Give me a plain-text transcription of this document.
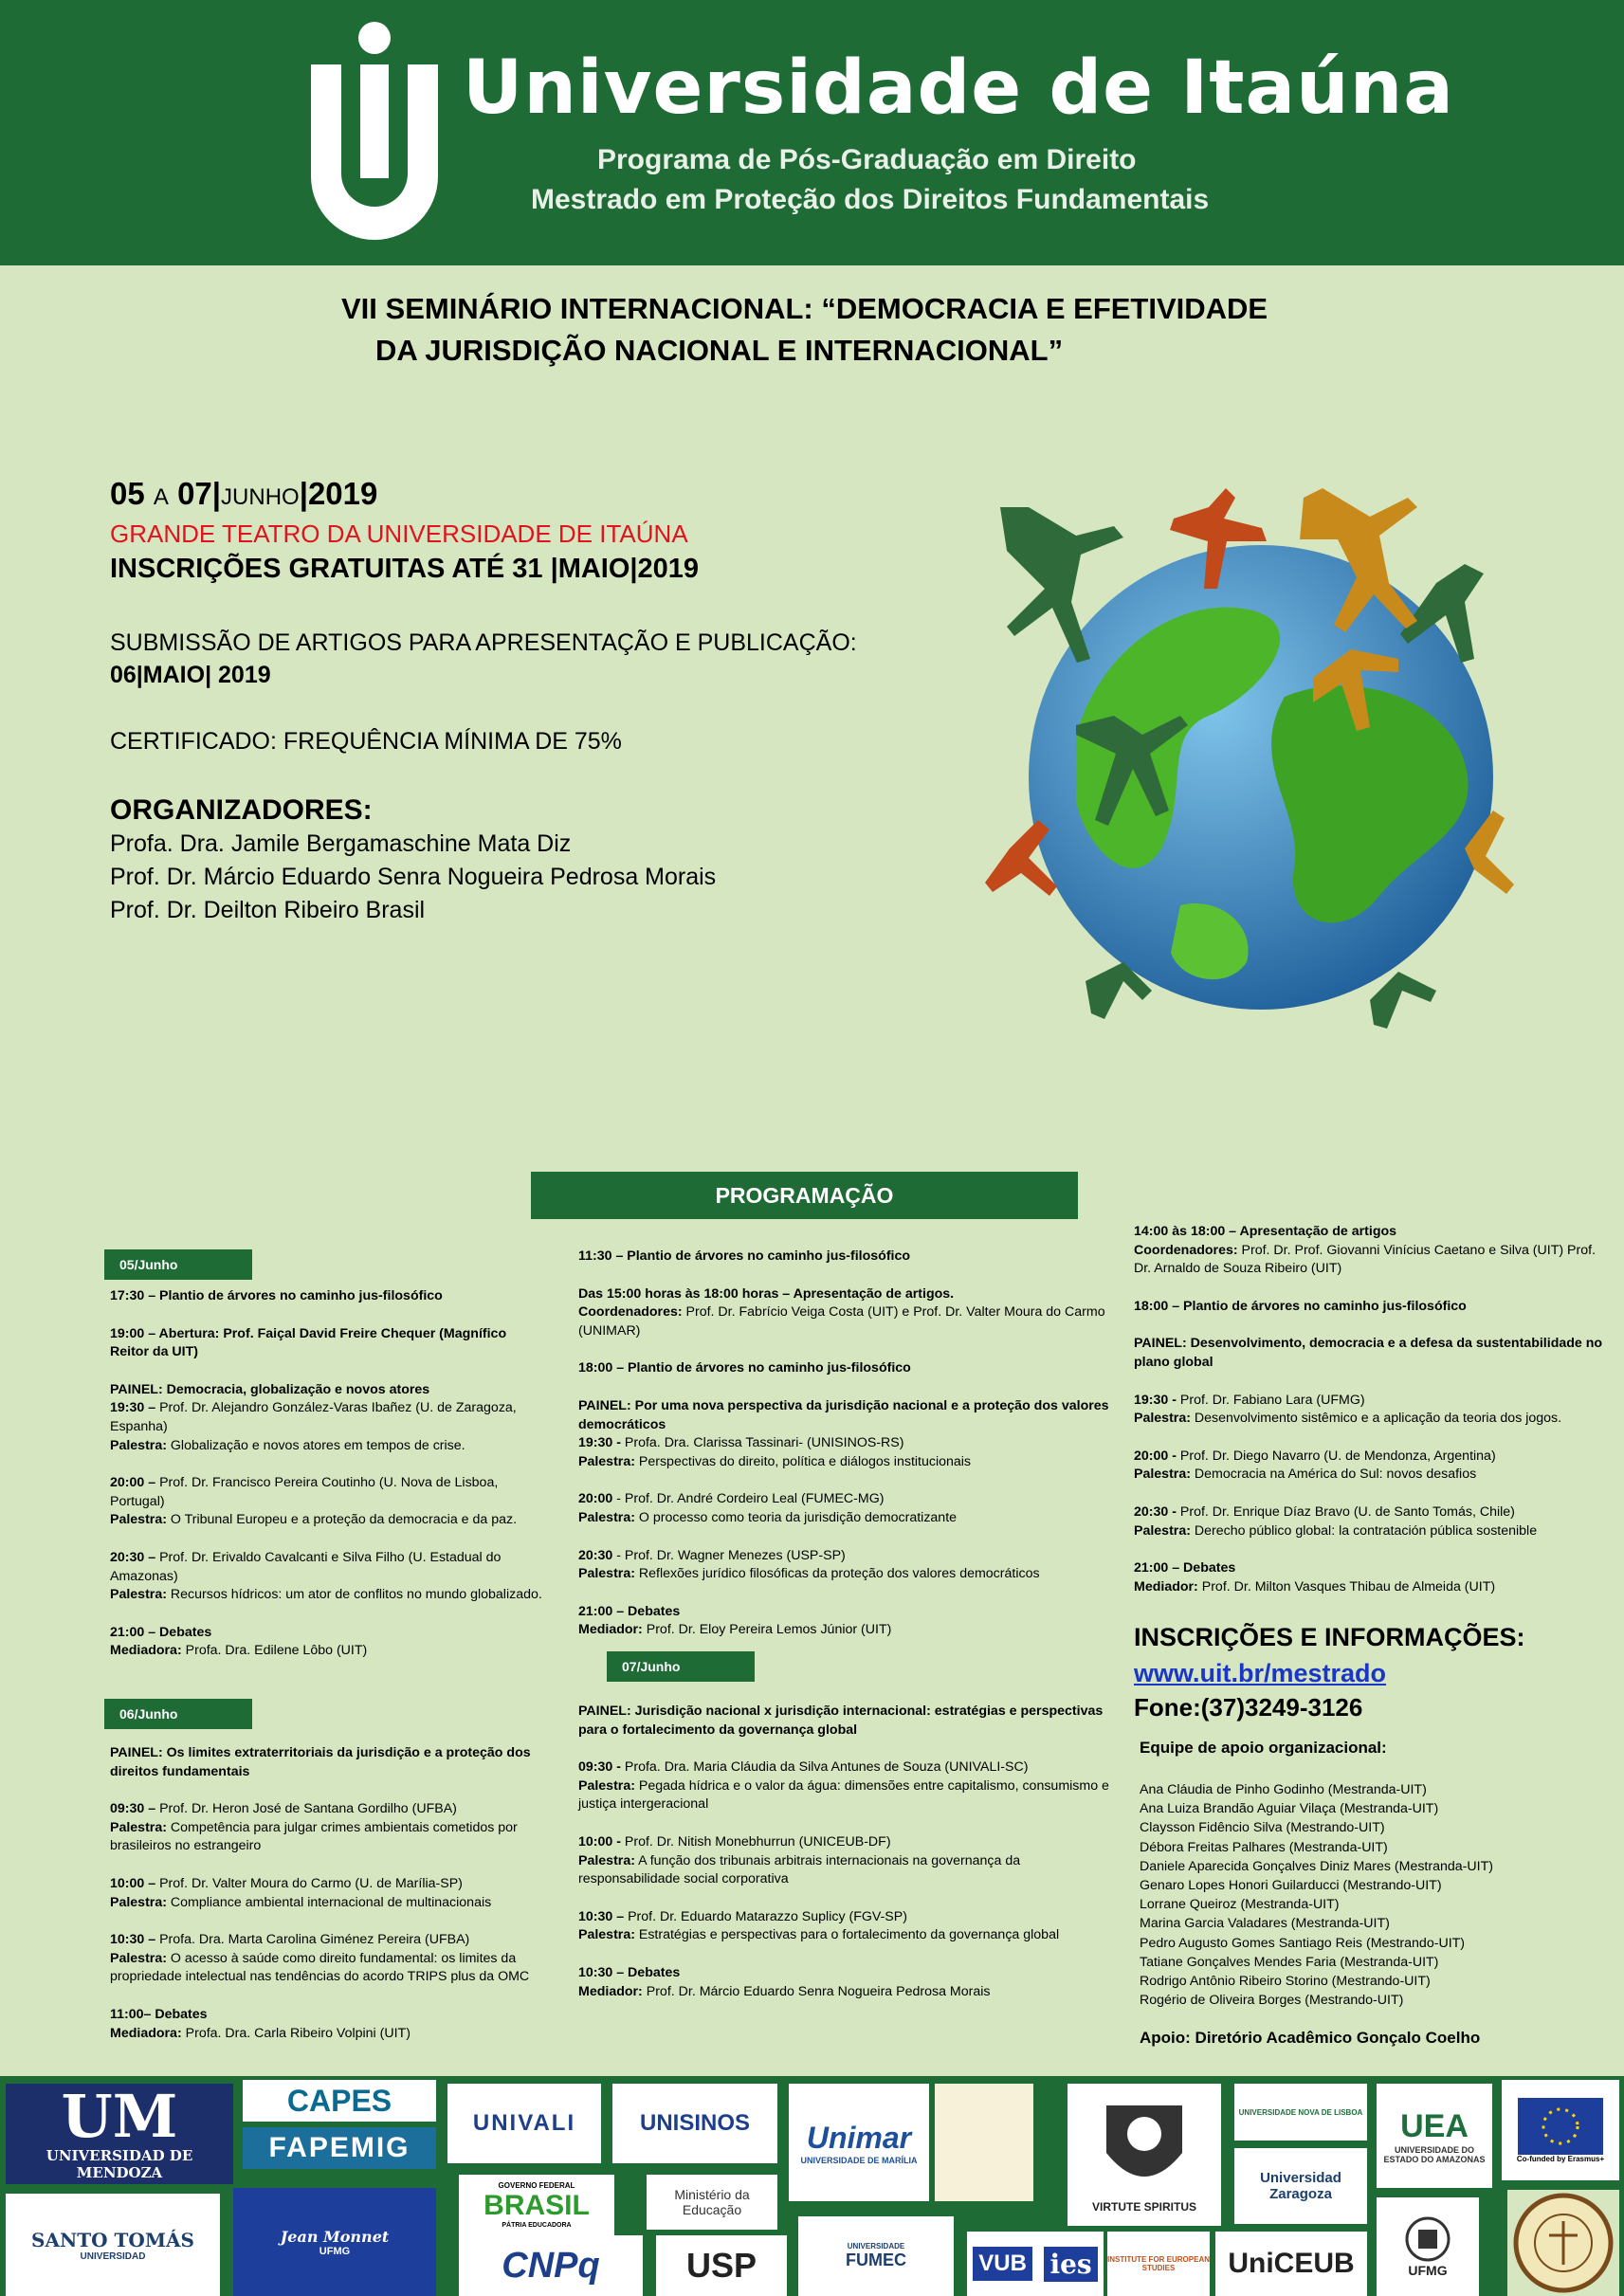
Universidade de Itaúna
Programa de Pós-Graduação em Direito
Mestrado em Proteção dos Direitos Fundamentais
VII SEMINÁRIO INTERNACIONAL: “DEMOCRACIA E EFETIVIDADE
DA JURISDIÇÃO NACIONAL E INTERNACIONAL”
05 A 07|JUNHO|2019
GRANDE TEATRO DA UNIVERSIDADE DE ITAÚNA
INSCRIÇÕES GRATUITAS ATÉ 31 |MAIO|2019
SUBMISSÃO DE ARTIGOS PARA APRESENTAÇÃO E PUBLICAÇÃO:
06|MAIO| 2019
CERTIFICADO: FREQUÊNCIA MÍNIMA DE 75%
ORGANIZADORES:
Profa. Dra. Jamile Bergamaschine Mata Diz
Prof. Dr. Márcio Eduardo Senra Nogueira Pedrosa Morais
Prof. Dr. Deilton Ribeiro Brasil
PROGRAMAÇÃO
05/Junho
06/Junho
07/Junho

17:30 – Plantio de árvores no caminho jus-filosófico

19:00 – Abertura: Prof. Faiçal David Freire Chequer (Magnífico Reitor da UIT)

PAINEL: Democracia, globalização e novos atores

19:30 – Prof. Dr. Alejandro González-Varas Ibañez (U. de Zaragoza, Espanha)
Palestra: Globalização e novos atores em tempos de crise.

20:00 – Prof. Dr. Francisco Pereira Coutinho (U. Nova de Lisboa, Portugal)
Palestra: O Tribunal Europeu e a proteção da democracia e da paz.

20:30 – Prof. Dr. Erivaldo Cavalcanti e Silva Filho (U. Estadual do Amazonas)
Palestra: Recursos hídricos: um ator de conflitos no mundo globalizado.

21:00 – Debates
Mediadora: Profa. Dra. Edilene Lôbo (UIT)

PAINEL: Os limites extraterritoriais da jurisdição e a proteção dos direitos fundamentais

09:30 – Prof. Dr. Heron José de Santana Gordilho (UFBA)
Palestra: Competência para julgar crimes ambientais cometidos por brasileiros no estrangeiro

10:00 – Prof. Dr. Valter Moura do Carmo (U. de Marília-SP)
Palestra: Compliance ambiental internacional de multinacionais

10:30 – Profa. Dra. Marta Carolina Giménez Pereira (UFBA)
Palestra: O acesso à saúde como direito fundamental: os limites da propriedade intelectual nas tendências do acordo TRIPS plus da OMC

11:00– Debates
Mediadora: Profa. Dra. Carla Ribeiro Volpini (UIT)

11:30 – Plantio de árvores no caminho jus-filosófico

Das 15:00 horas às 18:00 horas – Apresentação de artigos.
Coordenadores: Prof. Dr. Fabrício Veiga Costa (UIT) e Prof. Dr. Valter Moura do Carmo (UNIMAR)

18:00 – Plantio de árvores no caminho jus-filosófico

PAINEL: Por uma nova perspectiva da jurisdição nacional e a proteção dos valores democráticos
19:30 - Profa. Dra. Clarissa Tassinari- (UNISINOS-RS)
Palestra: Perspectivas do direito, política e diálogos institucionais

20:00 - Prof. Dr. André Cordeiro Leal (FUMEC-MG)
Palestra: O processo como teoria da jurisdição democratizante

20:30 - Prof. Dr. Wagner Menezes (USP-SP)
Palestra: Reflexões jurídico filosóficas da proteção dos valores democráticos

21:00 – Debates
Mediador: Prof. Dr. Eloy Pereira Lemos Júnior (UIT)

PAINEL: Jurisdição nacional x jurisdição internacional: estratégias e perspectivas para o fortalecimento da governança global

09:30 - Profa. Dra. Maria Cláudia da Silva Antunes de Souza (UNIVALI-SC)
Palestra: Pegada hídrica e o valor da água: dimensões entre capitalismo, consumismo e justiça intergeracional

10:00 - Prof. Dr. Nitish Monebhurrun (UNICEUB-DF)
Palestra: A função dos tribunais arbitrais internacionais na governança da responsabilidade social corporativa

10:30 – Prof. Dr. Eduardo Matarazzo Suplicy (FGV-SP)
Palestra: Estratégias e perspectivas para o fortalecimento da governança global

10:30 – Debates
Mediador: Prof. Dr. Márcio Eduardo Senra Nogueira Pedrosa Morais

14:00 às 18:00 – Apresentação de artigos
Coordenadores: Prof. Dr. Prof. Giovanni Vinícius Caetano e Silva (UIT) Prof. Dr. Arnaldo de Souza Ribeiro (UIT)

18:00 – Plantio de árvores no caminho jus-filosófico

PAINEL: Desenvolvimento, democracia e a defesa da sustentabilidade no plano global

19:30 - Prof. Dr. Fabiano Lara (UFMG)
Palestra: Desenvolvimento sistêmico e a aplicação da teoria dos jogos.

20:00 - Prof. Dr. Diego Navarro (U. de Mendonza, Argentina)
Palestra: Democracia na América do Sul: novos desafios

20:30 - Prof. Dr. Enrique Díaz Bravo (U. de Santo Tomás, Chile)
Palestra: Derecho público global: la contratación pública sostenible

21:00 – Debates
Mediador: Prof. Dr. Milton Vasques Thibau de Almeida (UIT)

INSCRIÇÕES E INFORMAÇÕES:
www.uit.br/mestrado
Fone:(37)3249-3126
Equipe de apoio organizacional:
Ana Cláudia de Pinho Godinho (Mestranda-UIT)
Ana Luiza Brandão Aguiar Vilaça (Mestranda-UIT)
Claysson Fidêncio Silva (Mestrando-UIT)
Débora Freitas Palhares (Mestranda-UIT)
Daniele Aparecida Gonçalves Diniz Mares (Mestranda-UIT)
Genaro Lopes Honori Guilarducci (Mestrando-UIT)
Lorrane Queiroz (Mestranda-UIT)
Marina Garcia Valadares (Mestranda-UIT)
Pedro Augusto Gomes Santiago Reis (Mestrando-UIT)
Tatiane Gonçalves Mendes Faria (Mestranda-UIT)
Rodrigo Antônio Ribeiro Storino (Mestrando-UIT)
Rogério de Oliveira Borges (Mestrando-UIT)
Apoio: Diretório Acadêmico Gonçalo Coelho
UM
UNIVERSIDAD DE MENDOZA
CAPES
FAPEMIG
UNIVALI	UNISINOS Unimar
UNIVERSIDADE DE MARÍLIA
VIRTUTE SPIRITUS
UNIVERSIDADE NOVA DE LISBOA UEA
UNIVERSIDADE DO ESTADO DO AMAZONAS	Co-funded by Erasmus+
SANTO TOMÁS
UNIVERSIDAD
Jean Monnet
UFMG
GOVERNO FEDERAL
BRASIL
PÁTRIA EDUCADORA
Ministério da Educação
CNPq	USP	UNIVERSIDADE
FUMEC	VUB ies	INSTITUTE FOR EUROPEAN STUDIES	UniCEUB
Universidad Zaragoza
UFMG
